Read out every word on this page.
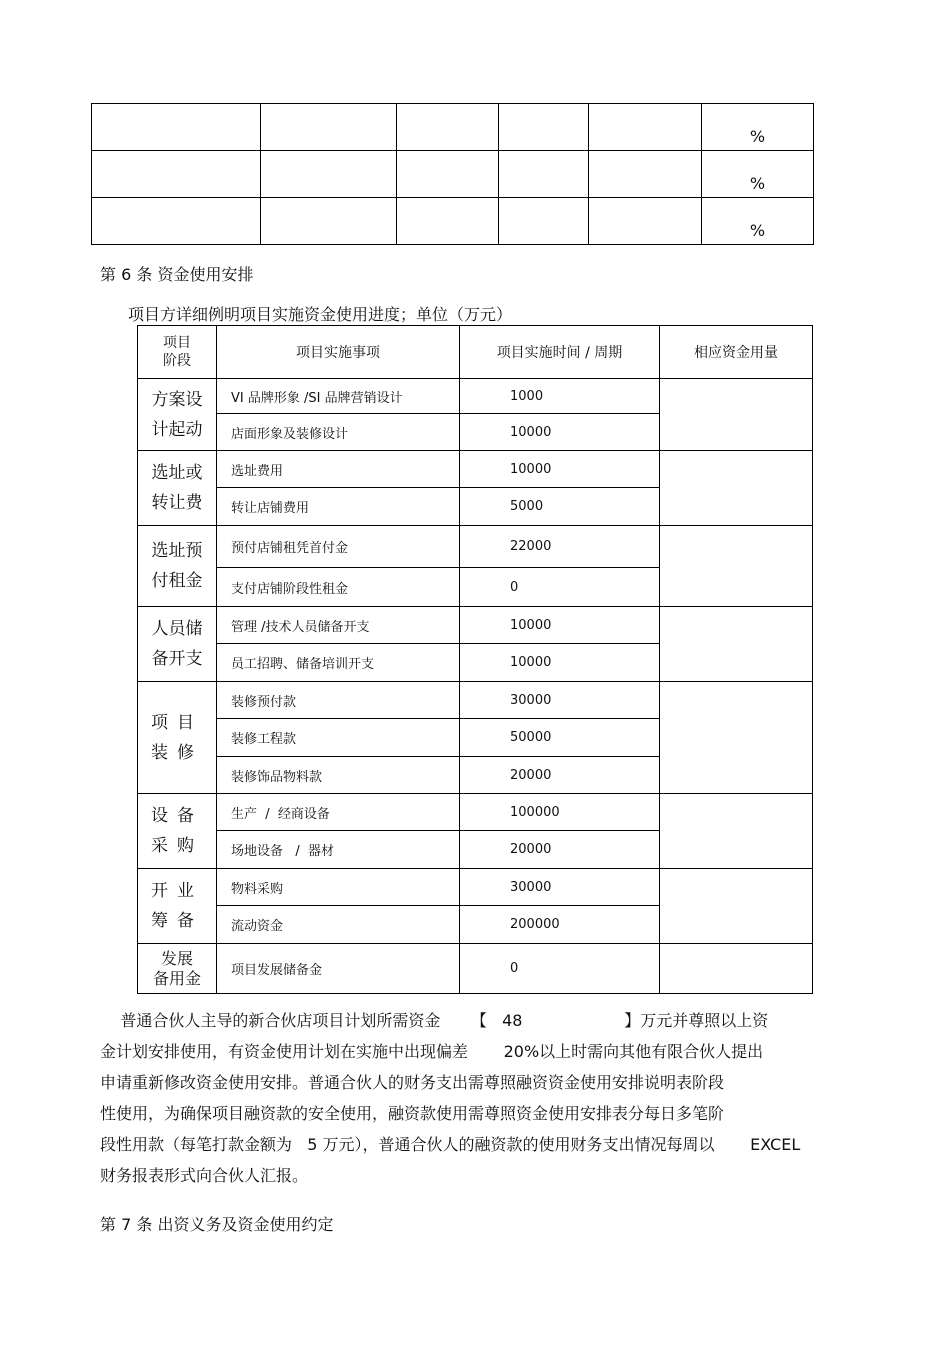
					%
					%
					%
第 6 条 资金使用安排
项目方详细例明项目实施资金使用进度；单位（万元）
项目
阶段	项目实施事项	项目实施时间 / 周期	相应资金用量
方案设
计起动	VI 品牌形象 /SI 品牌营销设计	1000	
	店面形象及装修设计	10000	
选址或
转让费	选址费用	10000	
	转让店铺费用	5000	
选址预
付租金	预付店铺租凭首付金	22000	
	支付店铺阶段性租金	0	
人员储
备开支	管理 /技术人员储备开支	10000	
	员工招聘、储备培训开支	10000	
项目
装修	装修预付款	30000	
	装修工程款	50000	
	装修饰品物料款	20000	
设备
采购	生产  /  经商设备	100000	
	场地设备   /  器材	20000	
开业
筹备	物料采购	30000	
	流动资金	200000	
发展
备用金	项目发展储备金	0	
普通合伙人主导的新合伙店项目计划所需资金      【   48                    】万元并尊照以上资
金计划安排使用，有资金使用计划在实施中出现偏差       20%以上时需向其他有限合伙人提出
申请重新修改资金使用安排。普通合伙人的财务支出需尊照融资资金使用安排说明表阶段
性使用，为确保项目融资款的安全使用，融资款使用需尊照资金使用安排表分每日多笔阶
段性用款（每笔打款金额为   5 万元），普通合伙人的融资款的使用财务支出情况每周以       EXCEL
财务报表形式向合伙人汇报。
第 7 条 出资义务及资金使用约定
